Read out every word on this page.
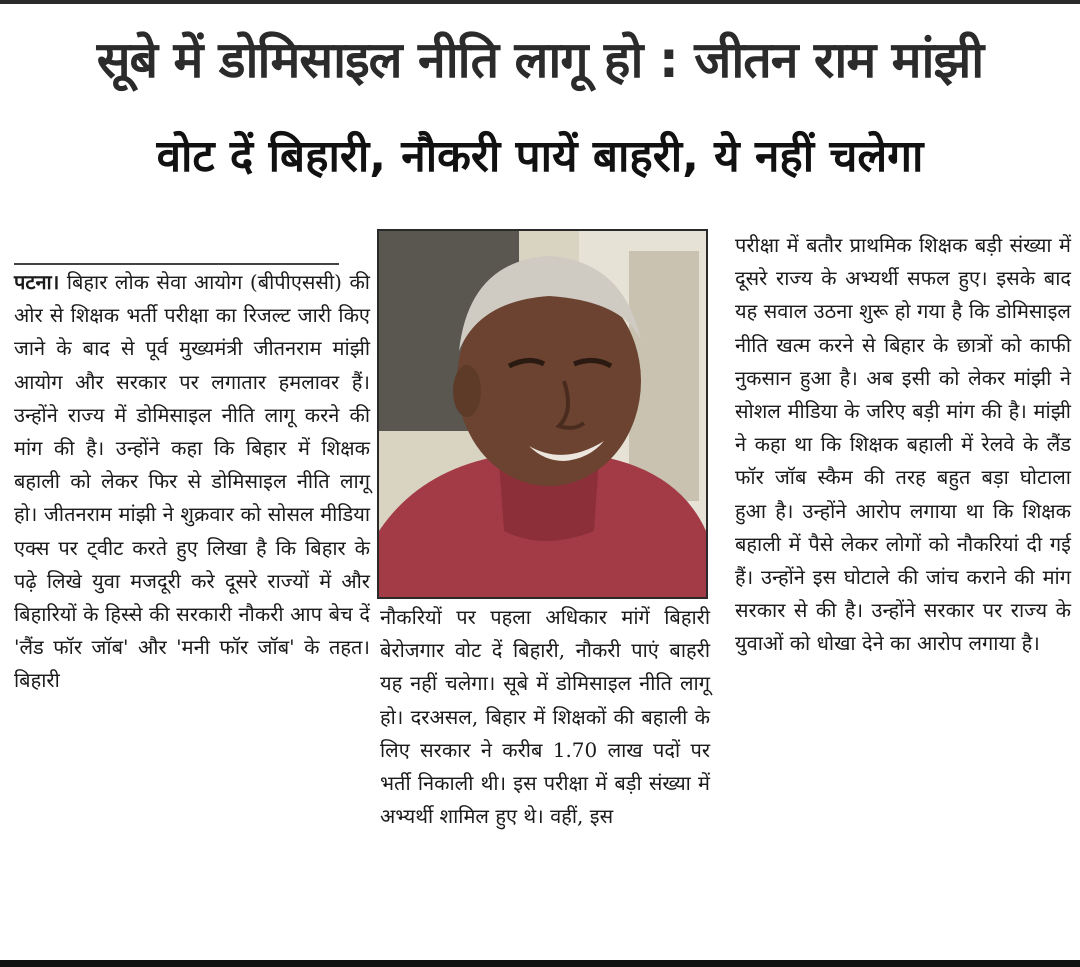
सूबे में डोमिसाइल नीति लागू हो : जीतन राम मांझी
वोट दें बिहारी, नौकरी पायें बाहरी, ये नहीं चलेगा
पटना। बिहार लोक सेवा आयोग (बीपीएससी) की ओर से शिक्षक भर्ती परीक्षा का रिजल्ट जारी किए जाने के बाद से पूर्व मुख्यमंत्री जीतनराम मांझी आयोग और सरकार पर लगातार हमलावर हैं। उन्होंने राज्य में डोमिसाइल नीति लागू करने की मांग की है। उन्होंने कहा कि बिहार में शिक्षक बहाली को लेकर फिर से डोमिसाइल नीति लागू हो। जीतनराम मांझी ने शुक्रवार को सोसल मीडिया एक्स पर ट्वीट करते हुए लिखा है कि बिहार के पढ़े लिखे युवा मजदूरी करे दूसरे राज्यों में और बिहारियों के हिस्से की सरकारी नौकरी आप बेच दें 'लैंड फॉर जॉब' और 'मनी फॉर जॉब' के तहत। बिहारी
नौकरियों पर पहला अधिकार मांगें बिहारी बेरोजगार वोट दें बिहारी, नौकरी पाएं बाहरी यह नहीं चलेगा। सूबे में डोमिसाइल नीति लागू हो। दरअसल, बिहार में शिक्षकों की बहाली के लिए सरकार ने करीब 1.70 लाख पदों पर भर्ती निकाली थी। इस परीक्षा में बड़ी संख्या में अभ्यर्थी शामिल हुए थे। वहीं, इस
परीक्षा में बतौर प्राथमिक शिक्षक बड़ी संख्या में दूसरे राज्य के अभ्यर्थी सफल हुए। इसके बाद यह सवाल उठना शुरू हो गया है कि डोमिसाइल नीति खत्म करने से बिहार के छात्रों को काफी नुकसान हुआ है। अब इसी को लेकर मांझी ने सोशल मीडिया के जरिए बड़ी मांग की है। मांझी ने कहा था कि शिक्षक बहाली में रेलवे के लैंड फॉर जॉब स्कैम की तरह बहुत बड़ा घोटाला हुआ है। उन्होंने आरोप लगाया था कि शिक्षक बहाली में पैसे लेकर लोगों को नौकरियां दी गई हैं। उन्होंने इस घोटाले की जांच कराने की मांग सरकार से की है। उन्होंने सरकार पर राज्य के युवाओं को धोखा देने का आरोप लगाया है।
